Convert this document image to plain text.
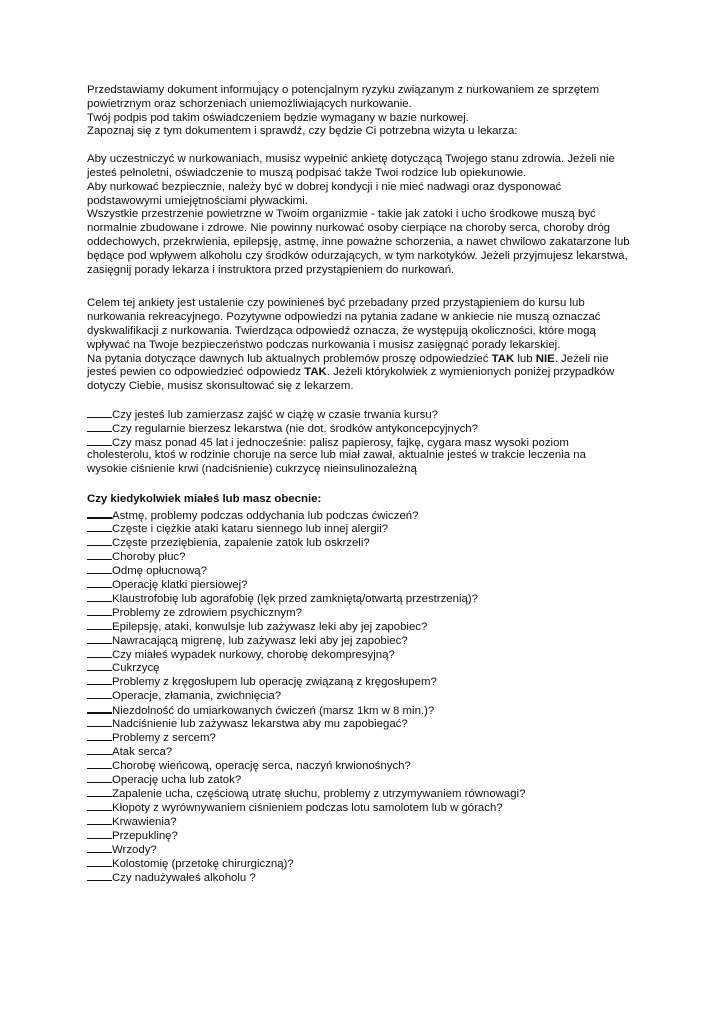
Przedstawiamy dokument informujący o potencjalnym ryzyku związanym z nurkowaniem ze sprzętem
powietrznym oraz schorzeniach uniemożliwiających nurkowanie.
Twój podpis pod takim oświadczeniem będzie wymagany w bazie nurkowej.
Zapoznaj się z tym dokumentem i sprawdź, czy będzie Ci potrzebna wizyta u lekarza:
Aby uczestniczyć w nurkowaniach, musisz wypełnić ankietę dotyczącą Twojego stanu zdrowia. Jeżeli nie
jesteś pełnoletni, oświadczenie to muszą podpisać także Twoi rodzice lub opiekunowie.
Aby nurkować bezpiecznie, należy być w dobrej kondycji i nie mieć nadwagi oraz dysponować
podstawowymi umiejętnościami pływackimi.
Wszystkie przestrzenie powietrzne w Twoim organizmie - takie jak zatoki i ucho środkowe muszą być
normalnie zbudowane i zdrowe. Nie powinny nurkować osoby cierpiące na choroby serca, choroby dróg
oddechowych, przekrwienia, epilepsję, astmę, inne poważne schorzenia, a nawet chwilowo zakatarzone lub
będące pod wpływem alkoholu czy środków odurzających, w tym narkotyków. Jeżeli przyjmujesz lekarstwa,
zasięgnij porady lekarza i instruktora przed przystąpieniem do nurkowań.
Celem tej ankiety jest ustalenie czy powinieneś być przebadany przed przystąpieniem do kursu lub
nurkowania rekreacyjnego. Pozytywne odpowiedzi na pytania zadane w ankiecie nie muszą oznaczać
dyskwalifikacji z nurkowania. Twierdząca odpowiedź oznacza, że występują okoliczności, które mogą
wpływać na Twoje bezpieczeństwo podczas nurkowania i musisz zasięgnąć porady lekarskiej.
Na pytania dotyczące dawnych lub aktualnych problemów proszę odpowiedzieć TAK lub NIE. Jeżeli nie
jesteś pewien co odpowiedzieć odpowiedz TAK. Jeżeli którykolwiek z wymienionych poniżej przypadków
dotyczy Ciebie, musisz skonsultować się z lekarzem.
Czy jesteś lub zamierzasz zajść w ciążę w czasie trwania kursu?
Czy regularnie bierzesz lekarstwa (nie dot. środków antykoncepcyjnych?
Czy masz ponad 45 lat i jednocześnie: palisz papierosy, fajkę, cygara masz wysoki poziom
cholesterolu, ktoś w rodzinie choruje na serce lub miał zawał, aktualnie jesteś w trakcie leczenia na
wysokie ciśnienie krwi (nadciśnienie) cukrzycę nieinsulinozależną
Czy kiedykolwiek miałeś lub masz obecnie:
Astmę, problemy podczas oddychania lub podczas ćwiczeń?
Częste i ciężkie ataki kataru siennego lub innej alergii?
Częste przeziębienia, zapalenie zatok lub oskrzeli?
Choroby płuc?
Odmę opłucnową?
Operację klatki piersiowej?
Klaustrofobię lub agorafobię (lęk przed zamkniętą/otwartą przestrzenią)?
Problemy ze zdrowiem psychicznym?
Epilepsję, ataki, konwulsje lub zażywasz leki aby jej zapobiec?
Nawracającą migrenę, lub zażywasz leki aby jej zapobiec?
Czy miałeś wypadek nurkowy, chorobę dekompresyjną?
Cukrzycę
Problemy z kręgosłupem lub operację związaną z kręgosłupem?
Operacje, złamania, zwichnięcia?
Niezdolność do umiarkowanych ćwiczeń (marsz 1km w 8 min.)?
Nadciśnienie lub zażywasz lekarstwa aby mu zapobiegać?
Problemy z sercem?
Atak serca?
Chorobę wieńcową, operację serca, naczyń krwionośnych?
Operację ucha lub zatok?
Zapalenie ucha, częściową utratę słuchu, problemy z utrzymywaniem równowagi?
Kłopoty z wyrównywaniem ciśnieniem podczas lotu samolotem lub w górach?
Krwawienia?
Przepuklinę?
Wrzody?
Kolostomię (przetokę chirurgiczną)?
Czy nadużywałeś alkoholu ?
